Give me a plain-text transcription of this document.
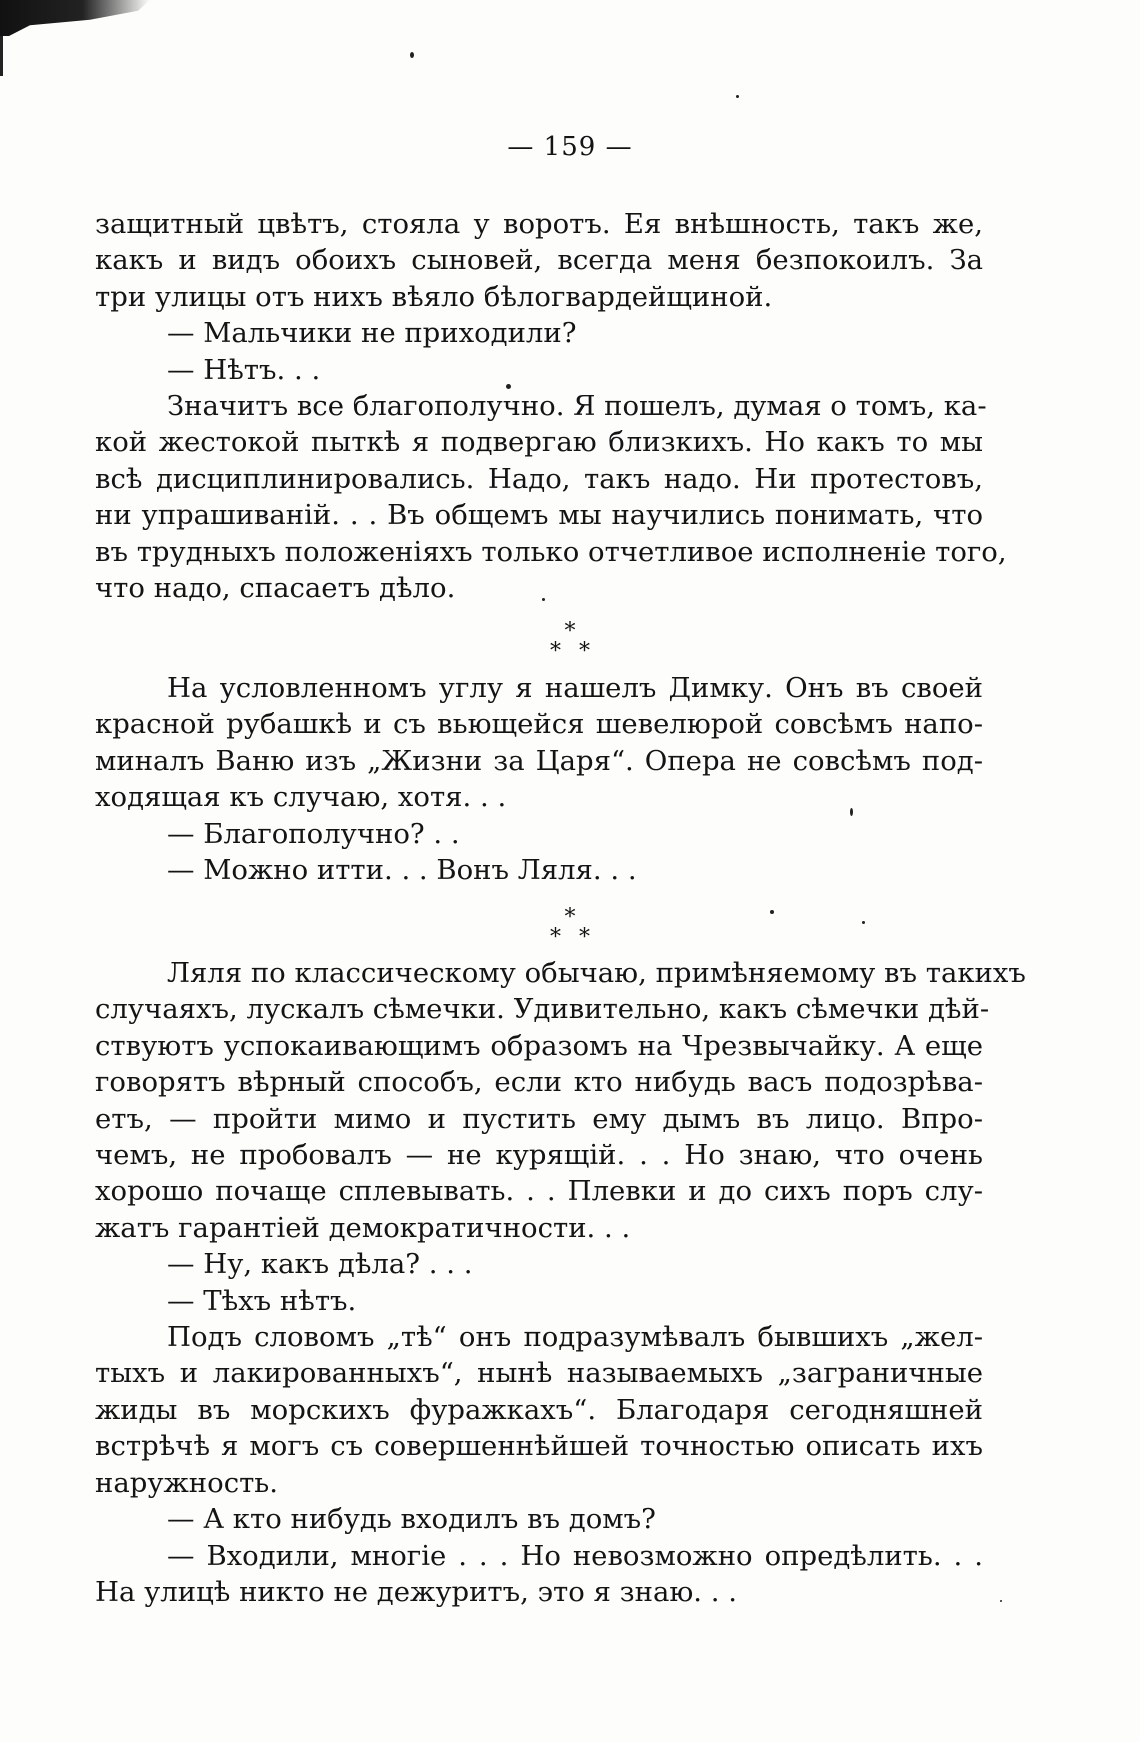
— 159 —
защитный цвѣтъ, стояла у воротъ. Ея внѣшность, такъ же,
какъ и видъ обоихъ сыновей, всегда меня безпокоилъ. За
три улицы отъ нихъ вѣяло бѣлогвардейщиной.
— Мальчики не приходили?
— Нѣтъ. . .
Значитъ все благополучно. Я пошелъ, думая о томъ, ка-
кой жестокой пыткѣ я подвергаю близкихъ. Но какъ то мы
всѣ дисциплинировались. Надо, такъ надо. Ни протестовъ,
ни упрашиваній. . . Въ общемъ мы научились понимать, что
въ трудныхъ положеніяхъ только отчетливое исполненіе того,
что надо, спасаетъ дѣло.
*
**
На условленномъ углу я нашелъ Димку. Онъ въ своей
красной рубашкѣ и съ вьющейся шевелюрой совсѣмъ напо-
миналъ Ваню изъ „Жизни за Царя“. Опера не совсѣмъ под-
ходящая къ случаю, хотя. . .
— Благополучно? . .
— Можно итти. . . Вонъ Ляля. . .
*
**
Ляля по классическому обычаю, примѣняемому въ такихъ
случаяхъ, лускалъ сѣмечки. Удивительно, какъ сѣмечки дѣй-
ствуютъ успокаивающимъ образомъ на Чрезвычайку. А еще
говорятъ вѣрный способъ, если кто нибудь васъ подозрѣва-
етъ, — пройти мимо и пустить ему дымъ въ лицо. Впро-
чемъ, не пробовалъ — не курящій. . . Но знаю, что очень
хорошо почаще сплевывать. . . Плевки и до сихъ поръ слу-
жатъ гарантіей демократичности. . .
— Ну, какъ дѣла? . . .
— Тѣхъ нѣтъ.
Подъ словомъ „тѣ“ онъ подразумѣвалъ бывшихъ „жел-
тыхъ и лакированныхъ“, нынѣ называемыхъ „заграничные
жиды въ морскихъ фуражкахъ“. Благодаря сегодняшней
встрѣчѣ я могъ съ совершеннѣйшей точностью описать ихъ
наружность.
— А кто нибудь входилъ въ домъ?
— Входили, многіе . . . Но невозможно опредѣлить. . .
На улицѣ никто не дежуритъ, это я знаю. . .
